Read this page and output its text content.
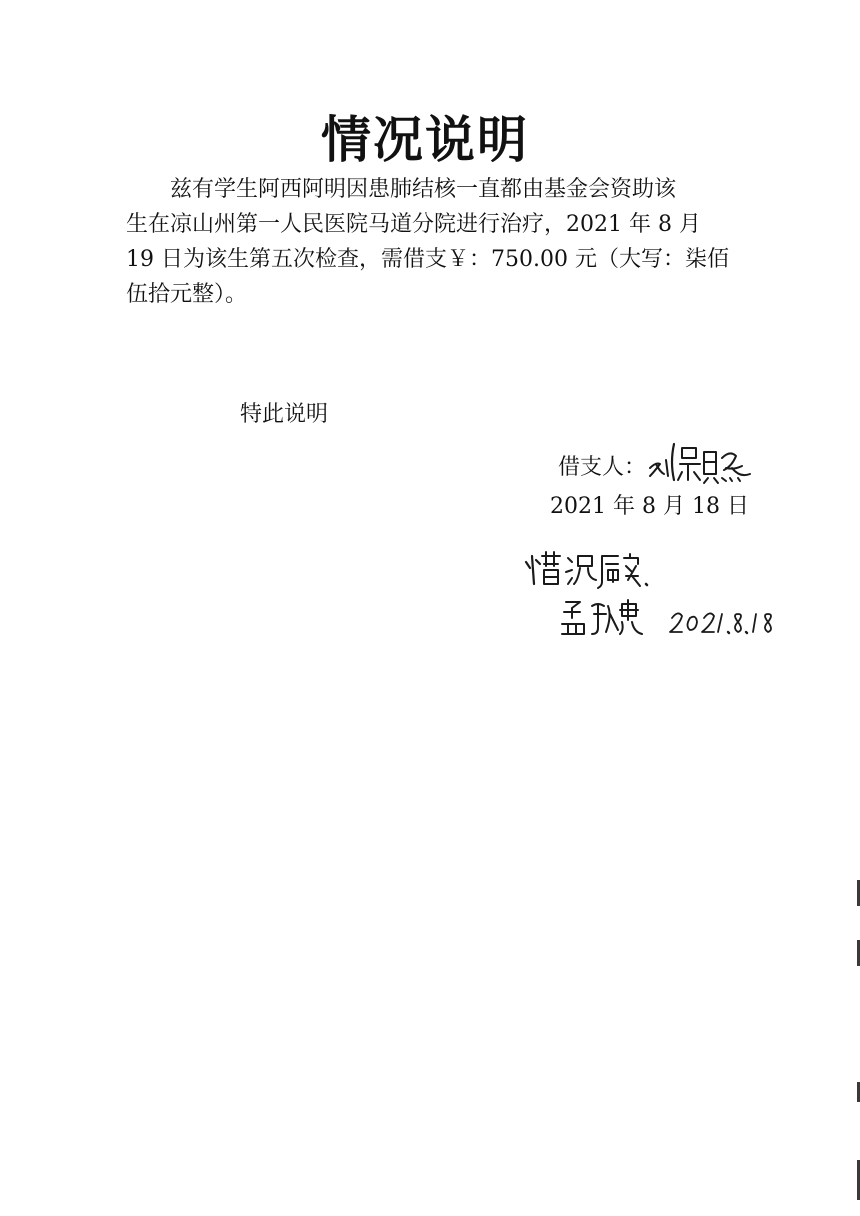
情况说明

兹有学生阿西阿明因患肺结核一直都由基金会资助该
生在凉山州第一人民医院马道分院进行治疗，2021 年 8 月
19 日为该生第五次检查，需借支￥：750.00 元（大写：柒佰
伍拾元整）。

特此说明
借支人：
2021 年 8 月 18 日
